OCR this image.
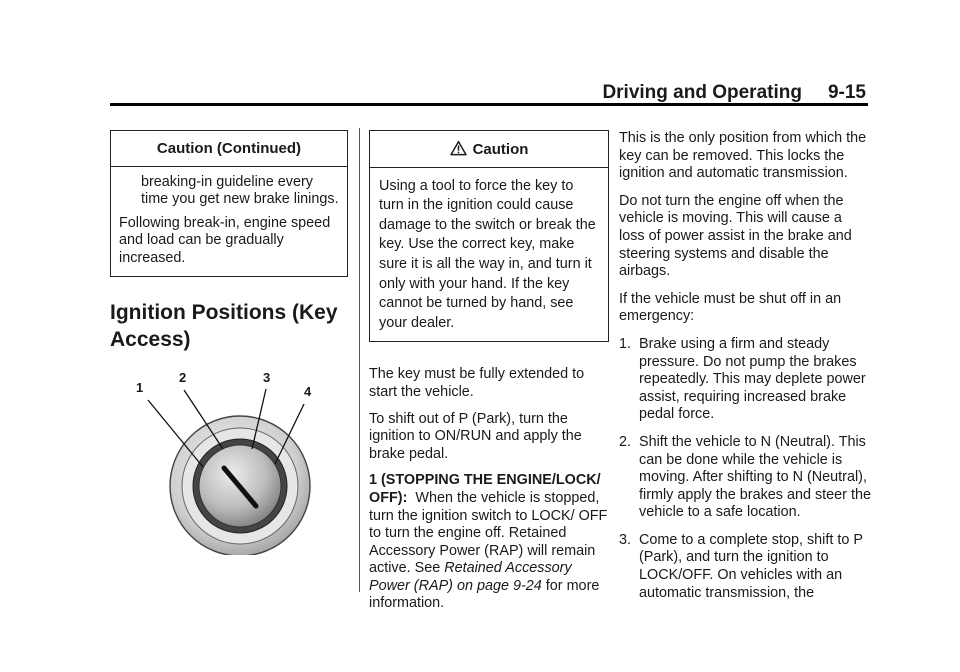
Driving and Operating 9-15
Caution (Continued)

breaking-in guideline every time you get new brake linings.

Following break-in, engine speed and load can be gradually increased.

Ignition Positions (Key Access)
1
2	3
4
Caution
Using a tool to force the key to turn in the ignition could cause damage to the switch or break the key. Use the correct key, make sure it is all the way in, and turn it only with your hand. If the key cannot be turned by hand, see your dealer.

The key must be fully extended to start the vehicle.

To shift out of P (Park), turn the ignition to ON/RUN and apply the brake pedal.

1 (STOPPING THE ENGINE/LOCK/ OFF): When the vehicle is stopped, turn the ignition switch to LOCK/ OFF to turn the engine off. Retained Accessory Power (RAP) will remain active. See Retained Accessory Power (RAP) on page 9-24 for more information.

This is the only position from which the key can be removed. This locks the ignition and automatic transmission.

Do not turn the engine off when the vehicle is moving. This will cause a loss of power assist in the brake and steering systems and disable the airbags.

If the vehicle must be shut off in an emergency:

1. Brake using a firm and steady pressure. Do not pump the brakes repeatedly. This may deplete power assist, requiring increased brake pedal force.
2. Shift the vehicle to N (Neutral). This can be done while the vehicle is moving. After shifting to N (Neutral), firmly apply the brakes and steer the vehicle to a safe location.
3. Come to a complete stop, shift to P (Park), and turn the ignition to LOCK/OFF. On vehicles with an automatic transmission, the
